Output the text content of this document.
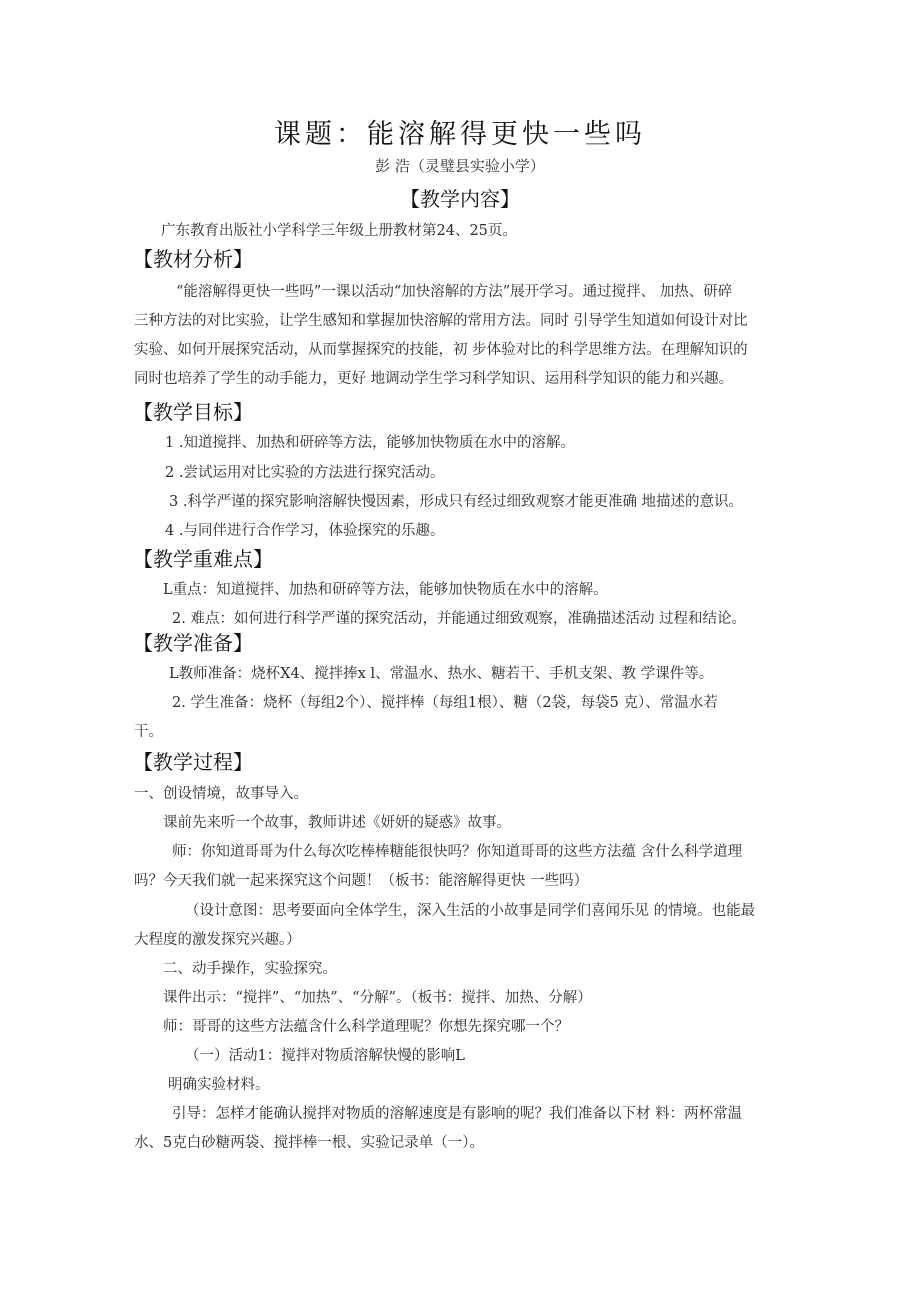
课题：能溶解得更快一些吗
彭 浩（灵璧县实验小学）
【教学内容】
广东教育出版社小学科学三年级上册教材第24、25页。
【教材分析】
“能溶解得更快一些吗”一课以活动“加快溶解的方法”展开学习。通过搅拌、 加热、研碎
三种方法的对比实验，让学生感知和掌握加快溶解的常用方法。同时 引导学生知道如何设计对比
实验、如何开展探究活动，从而掌握探究的技能，初 步体验对比的科学思维方法。在理解知识的
同时也培养了学生的动手能力，更好 地调动学生学习科学知识、运用科学知识的能力和兴趣。
【教学目标】
1 .知道搅拌、加热和研碎等方法，能够加快物质在水中的溶解。
2 .尝试运用对比实验的方法进行探究活动。
3 .科学严谨的探究影响溶解快慢因素，形成只有经过细致观察才能更准确 地描述的意识。
4 .与同伴进行合作学习，体验探究的乐趣。
【教学重难点】
L重点：知道搅拌、加热和研碎等方法，能够加快物质在水中的溶解。
2. 难点：如何进行科学严谨的探究活动，并能通过细致观察，准确描述活动 过程和结论。
【教学准备】
L教师准备：烧杯X4、搅拌捧x l、常温水、热水、糖若干、手机支架、教 学课件等。
2. 学生准备：烧杯（每组2个）、搅拌棒（每组1根）、糖（2袋，每袋5 克）、常温水若
干。
【教学过程】
一、创设情境，故事导入。
课前先来听一个故事，教师讲述《妍妍的疑惑》故事。
师：你知道哥哥为什么每次吃棒棒糖能很快吗？你知道哥哥的这些方法蕴 含什么科学道理
吗？今天我们就一起来探究这个问题！（板书：能溶解得更快 一些吗）
（设计意图：思考要面向全体学生，深入生活的小故事是同学们喜闻乐见 的情境。也能最
大程度的激发探究兴趣。）
二、动手操作，实验探究。
课件出示：“搅拌”、“加热”、“分解”。（板书：搅拌、加热、分解）
师：哥哥的这些方法蕴含什么科学道理呢？你想先探究哪一个？
（一）活动1：搅拌对物质溶解快慢的影响L
明确实验材料。
引导：怎样才能确认搅拌对物质的溶解速度是有影响的呢？我们准备以下材 料：两杯常温
水、5克白砂糖两袋、搅拌棒一根、实验记录单（一）。
